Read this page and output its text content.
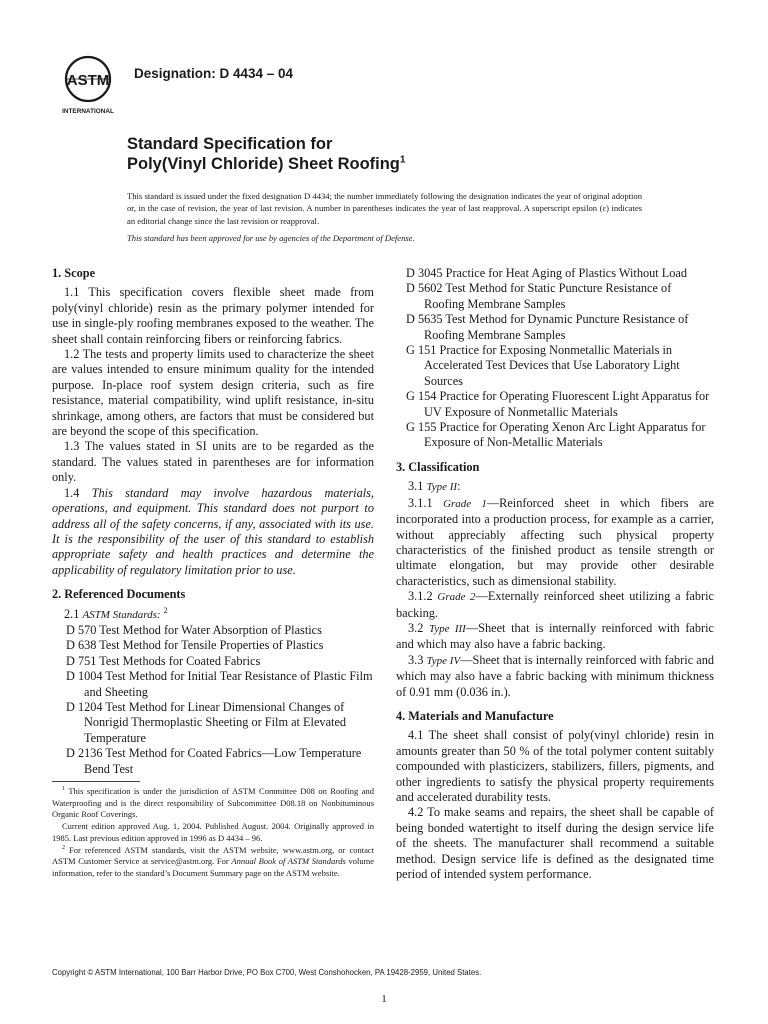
ASTM
INTERNATIONAL
Designation: D 4434 – 04
Standard Specification for
Poly(Vinyl Chloride) Sheet Roofing$^1$
This standard is issued under the fixed designation D 4434; the number immediately following the designation indicates the year of original adoption or, in the case of revision, the year of last revision. A number in parentheses indicates the year of last reapproval. A superscript epsilon (ε) indicates an editorial change since the last revision or reapproval.
This standard has been approved for use by agencies of the Department of Defense.
1. Scope

1.1 This specification covers flexible sheet made from poly(vinyl chloride) resin as the primary polymer intended for use in single-ply roofing membranes exposed to the weather. The sheet shall contain reinforcing fibers or reinforcing fabrics.

1.2 The tests and property limits used to characterize the sheet are values intended to ensure minimum quality for the intended purpose. In-place roof system design criteria, such as fire resistance, material compatibility, wind uplift resistance, in-situ shrinkage, among others, are factors that must be considered but are beyond the scope of this specification.

1.3 The values stated in SI units are to be regarded as the standard. The values stated in parentheses are for information only.

1.4 This standard may involve hazardous materials, operations, and equipment. This standard does not purport to address all of the safety concerns, if any, associated with its use. It is the responsibility of the user of this standard to establish appropriate safety and health practices and determine the applicability of regulatory limitation prior to use.

2. Referenced Documents

2.1 ASTM Standards: $^2$

D 570 Test Method for Water Absorption of Plastics

D 638 Test Method for Tensile Properties of Plastics

D 751 Test Methods for Coated Fabrics

D 1004 Test Method for Initial Tear Resistance of Plastic Film and Sheeting

D 1204 Test Method for Linear Dimensional Changes of Nonrigid Thermoplastic Sheeting or Film at Elevated Temperature

D 2136 Test Method for Coated Fabrics—Low Temperature Bend Test

D 3045 Practice for Heat Aging of Plastics Without Load

D 5602 Test Method for Static Puncture Resistance of Roofing Membrane Samples

D 5635 Test Method for Dynamic Puncture Resistance of Roofing Membrane Samples

G 151 Practice for Exposing Nonmetallic Materials in Accelerated Test Devices that Use Laboratory Light Sources

G 154 Practice for Operating Fluorescent Light Apparatus for UV Exposure of Nonmetallic Materials

G 155 Practice for Operating Xenon Arc Light Apparatus for Exposure of Non-Metallic Materials

3. Classification

3.1 Type II:

3.1.1 Grade 1—Reinforced sheet in which fibers are incorporated into a production process, for example as a carrier, without appreciably affecting such physical property characteristics of the finished product as tensile strength or ultimate elongation, but may provide other desirable characteristics, such as dimensional stability.

3.1.2 Grade 2—Externally reinforced sheet utilizing a fabric backing.

3.2 Type III—Sheet that is internally reinforced with fabric and which may also have a fabric backing.

3.3 Type IV—Sheet that is internally reinforced with fabric and which may also have a fabric backing with minimum thickness of 0.91 mm (0.036 in.).

4. Materials and Manufacture

4.1 The sheet shall consist of poly(vinyl chloride) resin in amounts greater than 50 % of the total polymer content suitably compounded with plasticizers, stabilizers, fillers, pigments, and other ingredients to satisfy the physical property requirements and accelerated durability tests.

4.2 To make seams and repairs, the sheet shall be capable of being bonded watertight to itself during the design service life of the sheets. The manufacturer shall recommend a suitable method. Design service life is defined as the designated time period of intended system performance.

$^1$ This specification is under the jurisdiction of ASTM Committee D08 on Roofing and Waterproofing and is the direct responsibility of Subcommittee D08.18 on Nonbituminous Organic Roof Coverings.

Current edition approved Aug. 1, 2004. Published August. 2004. Originally approved in 1985. Last previous edition approved in 1996 as D 4434 – 96.

$^2$ For referenced ASTM standards, visit the ASTM website, www.astm.org, or contact ASTM Customer Service at service@astm.org. For Annual Book of ASTM Standards volume information, refer to the standard’s Document Summary page on the ASTM website.

Copyright © ASTM International, 100 Barr Harbor Drive, PO Box C700, West Conshohocken, PA 19428-2959, United States.
1
